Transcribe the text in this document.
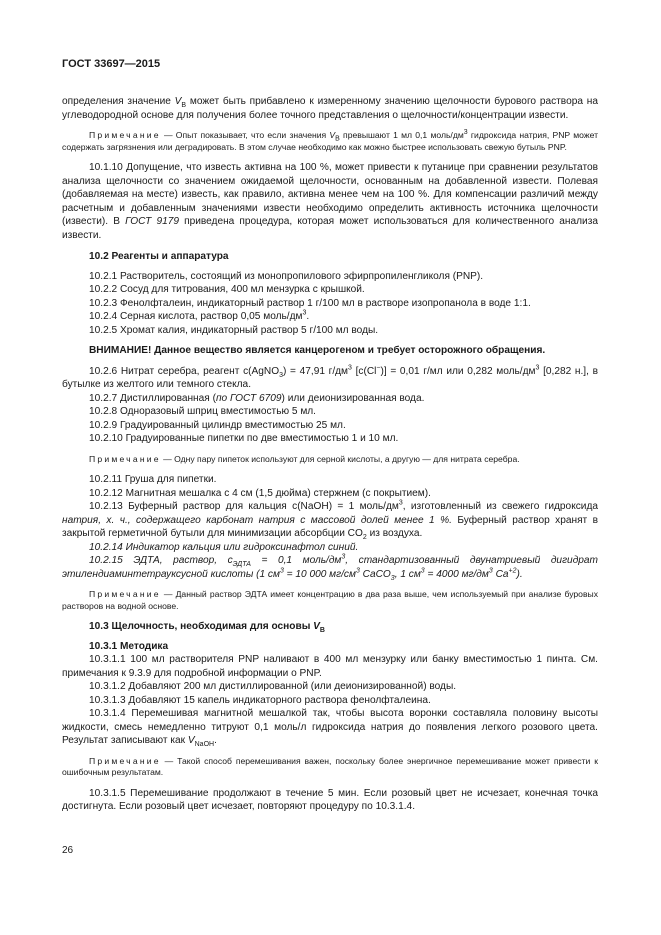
ГОСТ 33697—2015

определения значение $V_B$ может быть прибавлено к измеренному значению щелочности бурового раствора на углеводородной основе для получения более точного представления о щелочности/концентрации извести.

Примечание — Опыт показывает, что если значения $V_B$ превышают 1 мл 0,1 моль/$дм^3$ гидроксида натрия, PNP может содержать загрязнения или деградировать. В этом случае необходимо как можно быстрее использовать свежую бутыль PNP.

10.1.10 Допущение, что известь активна на 100 %, может привести к путанице при сравнении результатов анализа щелочности со значением ожидаемой щелочности, основанным на добавленной извести. Полевая (добавляемая на месте) известь, как правило, активна менее чем на 100 %. Для компенсации различий между расчетным и добавленным значениями извести необходимо определить активность источника щелочности (извести). В ГОСТ 9179 приведена процедура, которая может использоваться для количественного анализа извести.

10.2 Реагенты и аппаратура

10.2.1 Растворитель, состоящий из монопропилового эфирпропиленгликоля (PNP).

10.2.2 Сосуд для титрования, 400 мл мензурка с крышкой.

10.2.3 Фенолфталеин, индикаторный раствор 1 г/100 мл в растворе изопропанола в воде 1:1.

10.2.4 Серная кислота, раствор 0,05 моль/$дм^3$.

10.2.5 Хромат калия, индикаторный раствор 5 г/100 мл воды.

ВНИМАНИЕ! Данное вещество является канцерогеном и требует осторожного обращения.

10.2.6 Нитрат серебра, реагент c(AgNO$_3$) = 47,91 $г/дм^3$ [c(Cl−)] = 0,01 г/мл или 0,282 моль/$дм^3$ [0,282 н.], в бутылке из желтого или темного стекла.

10.2.7 Дистиллированная (по ГОСТ 6709) или деионизированная вода.

10.2.8 Одноразовый шприц вместимостью 5 мл.

10.2.9 Градуированный цилиндр вместимостью 25 мл.

10.2.10 Градуированные пипетки по две вместимостью 1 и 10 мл.

Примечание — Одну пару пипеток используют для серной кислоты, а другую — для нитрата серебра.

10.2.11 Груша для пипетки.

10.2.12 Магнитная мешалка с 4 см (1,5 дюйма) стержнем (с покрытием).

10.2.13 Буферный раствор для кальция c(NaOH) = 1 моль/$дм^3$, изготовленный из свежего гидроксида натрия, х. ч., содержащего карбонат натрия с массовой долей менее 1 %. Буферный раствор хранят в закрытой герметичной бутыли для минимизации абсорбции $CO_2$ из воздуха.

10.2.14 Индикатор кальция или гидроксинафтол синий.

10.2.15 ЭДТА, раствор, $c_{ЭДТА} = 0,1$ моль/$дм^3$, стандартизованный двунатриевый дигидрат этилендиаминтетрауксусной кислоты (1 $см^3 = 10$ 000 $мг/см^3$ CaCO$_3$, 1 $см^3 = 4000$ $мг/дм^3$ $Ca^{+2}$).

Примечание — Данный раствор ЭДТА имеет концентрацию в два раза выше, чем используемый при анализе буровых растворов на водной основе.

10.3 Щелочность, необходимая для основы $V_B$
10.3.1 Методика

10.3.1.1 100 мл растворителя PNP наливают в 400 мл мензурку или банку вместимостью 1 пинта. См. примечания к 9.3.9 для подробной информации о PNP.

10.3.1.2 Добавляют 200 мл дистиллированной (или деионизированной) воды.

10.3.1.3 Добавляют 15 капель индикаторного раствора фенолфталеина.

10.3.1.4 Перемешивая магнитной мешалкой так, чтобы высота воронки составляла половину высоты жидкости, смесь немедленно титруют 0,1 моль/л гидроксида натрия до появления легкого розового цвета. Результат записывают как $V_{NaOH}$.

Примечание — Такой способ перемешивания важен, поскольку более энергичное перемешивание может привести к ошибочным результатам.

10.3.1.5 Перемешивание продолжают в течение 5 мин. Если розовый цвет не исчезает, конечная точка достигнута. Если розовый цвет исчезает, повторяют процедуру по 10.3.1.4.

26
